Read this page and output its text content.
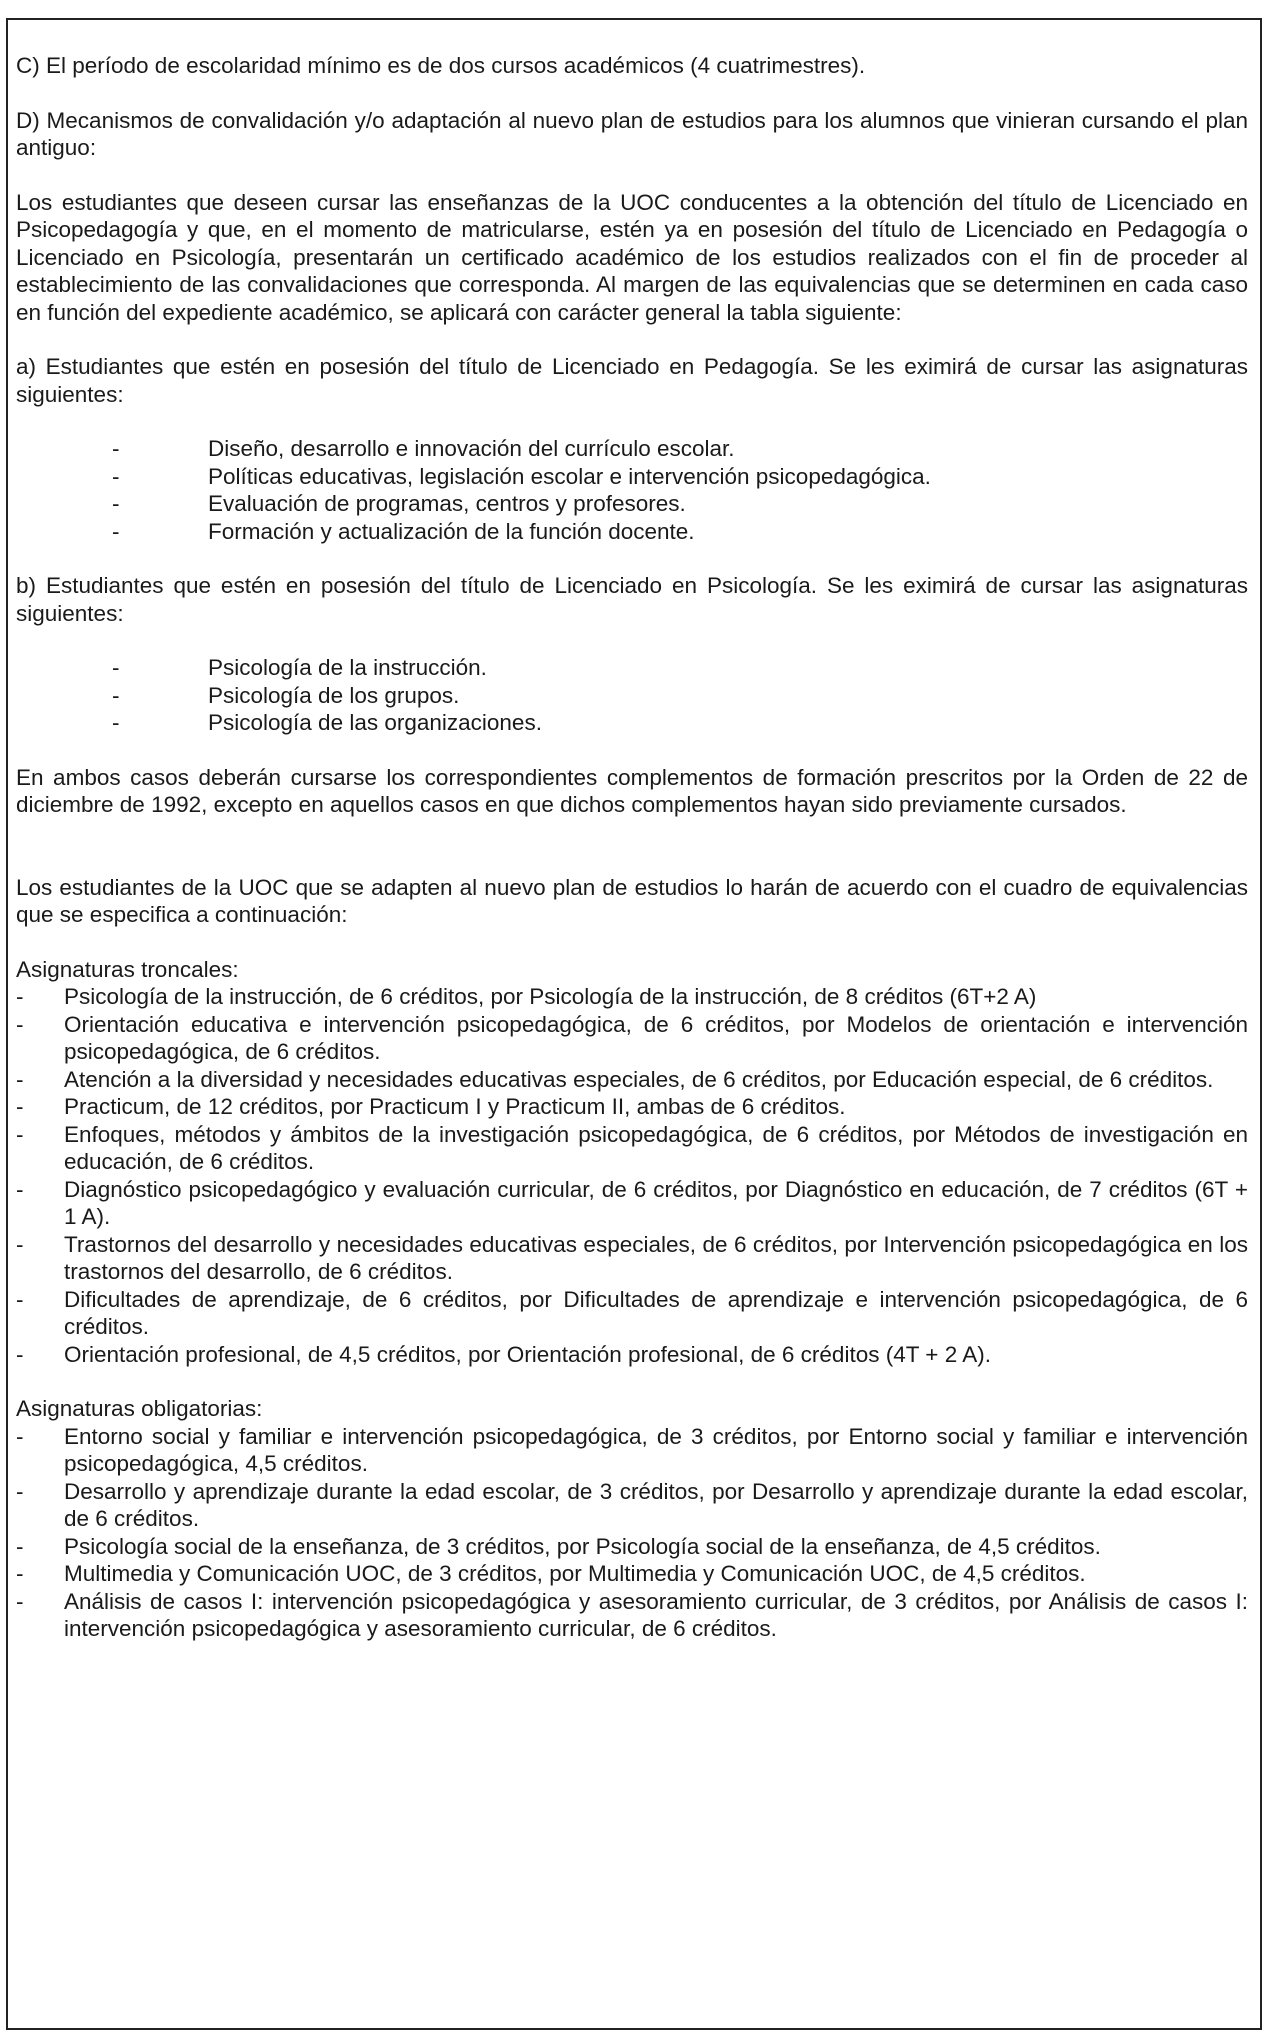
C) El período de escolaridad mínimo es de dos cursos académicos (4 cuatrimestres).

D) Mecanismos de convalidación y/o adaptación al nuevo plan de estudios para los alumnos que vinieran cursando el plan antiguo:

Los estudiantes que deseen cursar las enseñanzas de la UOC conducentes a la obtención del título de Licenciado en Psicopedagogía y que, en el momento de matricularse, estén ya en posesión del título de Licenciado en Pedagogía o Licenciado en Psicología, presentarán un certificado académico de los estudios realizados con el fin de proceder al establecimiento de las convalidaciones que corresponda. Al margen de las equivalencias que se determinen en cada caso en función del expediente académico, se aplicará con carácter general la tabla siguiente:

a) Estudiantes que estén en posesión del título de Licenciado en Pedagogía. Se les eximirá de cursar las asignaturas siguientes:

- Diseño, desarrollo e innovación del currículo escolar.
- Políticas educativas, legislación escolar e intervención psicopedagógica.
- Evaluación de programas, centros y profesores.
- Formación y actualización de la función docente.

b) Estudiantes que estén en posesión del título de Licenciado en Psicología. Se les eximirá de cursar las asignaturas siguientes:

- Psicología de la instrucción.
- Psicología de los grupos.
- Psicología de las organizaciones.

En ambos casos deberán cursarse los correspondientes complementos de formación prescritos por la Orden de 22 de diciembre de 1992, excepto en aquellos casos en que dichos complementos hayan sido previamente cursados.

Los estudiantes de la UOC que se adapten al nuevo plan de estudios lo harán de acuerdo con el cuadro de equivalencias que se especifica a continuación:

Asignaturas troncales:

- Psicología de la instrucción, de 6 créditos, por Psicología de la instrucción, de 8 créditos (6T+2 A)
- Orientación educativa e intervención psicopedagógica, de 6 créditos, por Modelos de orientación e intervención psicopedagógica, de 6 créditos.
- Atención a la diversidad y necesidades educativas especiales, de 6 créditos, por Educación especial, de 6 créditos.
- Practicum, de 12 créditos, por Practicum I y Practicum II, ambas de 6 créditos.
- Enfoques, métodos y ámbitos de la investigación psicopedagógica, de 6 créditos, por Métodos de investigación en educación, de 6 créditos.
- Diagnóstico psicopedagógico y evaluación curricular, de 6 créditos, por Diagnóstico en educación, de 7 créditos (6T + 1 A).
- Trastornos del desarrollo y necesidades educativas especiales, de 6 créditos, por Intervención psicopedagógica en los trastornos del desarrollo, de 6 créditos.
- Dificultades de aprendizaje, de 6 créditos, por Dificultades de aprendizaje e intervención psicopedagógica, de 6 créditos.
- Orientación profesional, de 4,5 créditos, por Orientación profesional, de 6 créditos (4T + 2 A).

Asignaturas obligatorias:

- Entorno social y familiar e intervención psicopedagógica, de 3 créditos, por Entorno social y familiar e intervención psicopedagógica, 4,5 créditos.
- Desarrollo y aprendizaje durante la edad escolar, de 3 créditos, por Desarrollo y aprendizaje durante la edad escolar, de 6 créditos.
- Psicología social de la enseñanza, de 3 créditos, por Psicología social de la enseñanza, de 4,5 créditos.
- Multimedia y Comunicación UOC, de 3 créditos, por Multimedia y Comunicación UOC, de 4,5 créditos.
- Análisis de casos I: intervención psicopedagógica y asesoramiento curricular, de 3 créditos, por Análisis de casos I: intervención psicopedagógica y asesoramiento curricular, de 6 créditos.
